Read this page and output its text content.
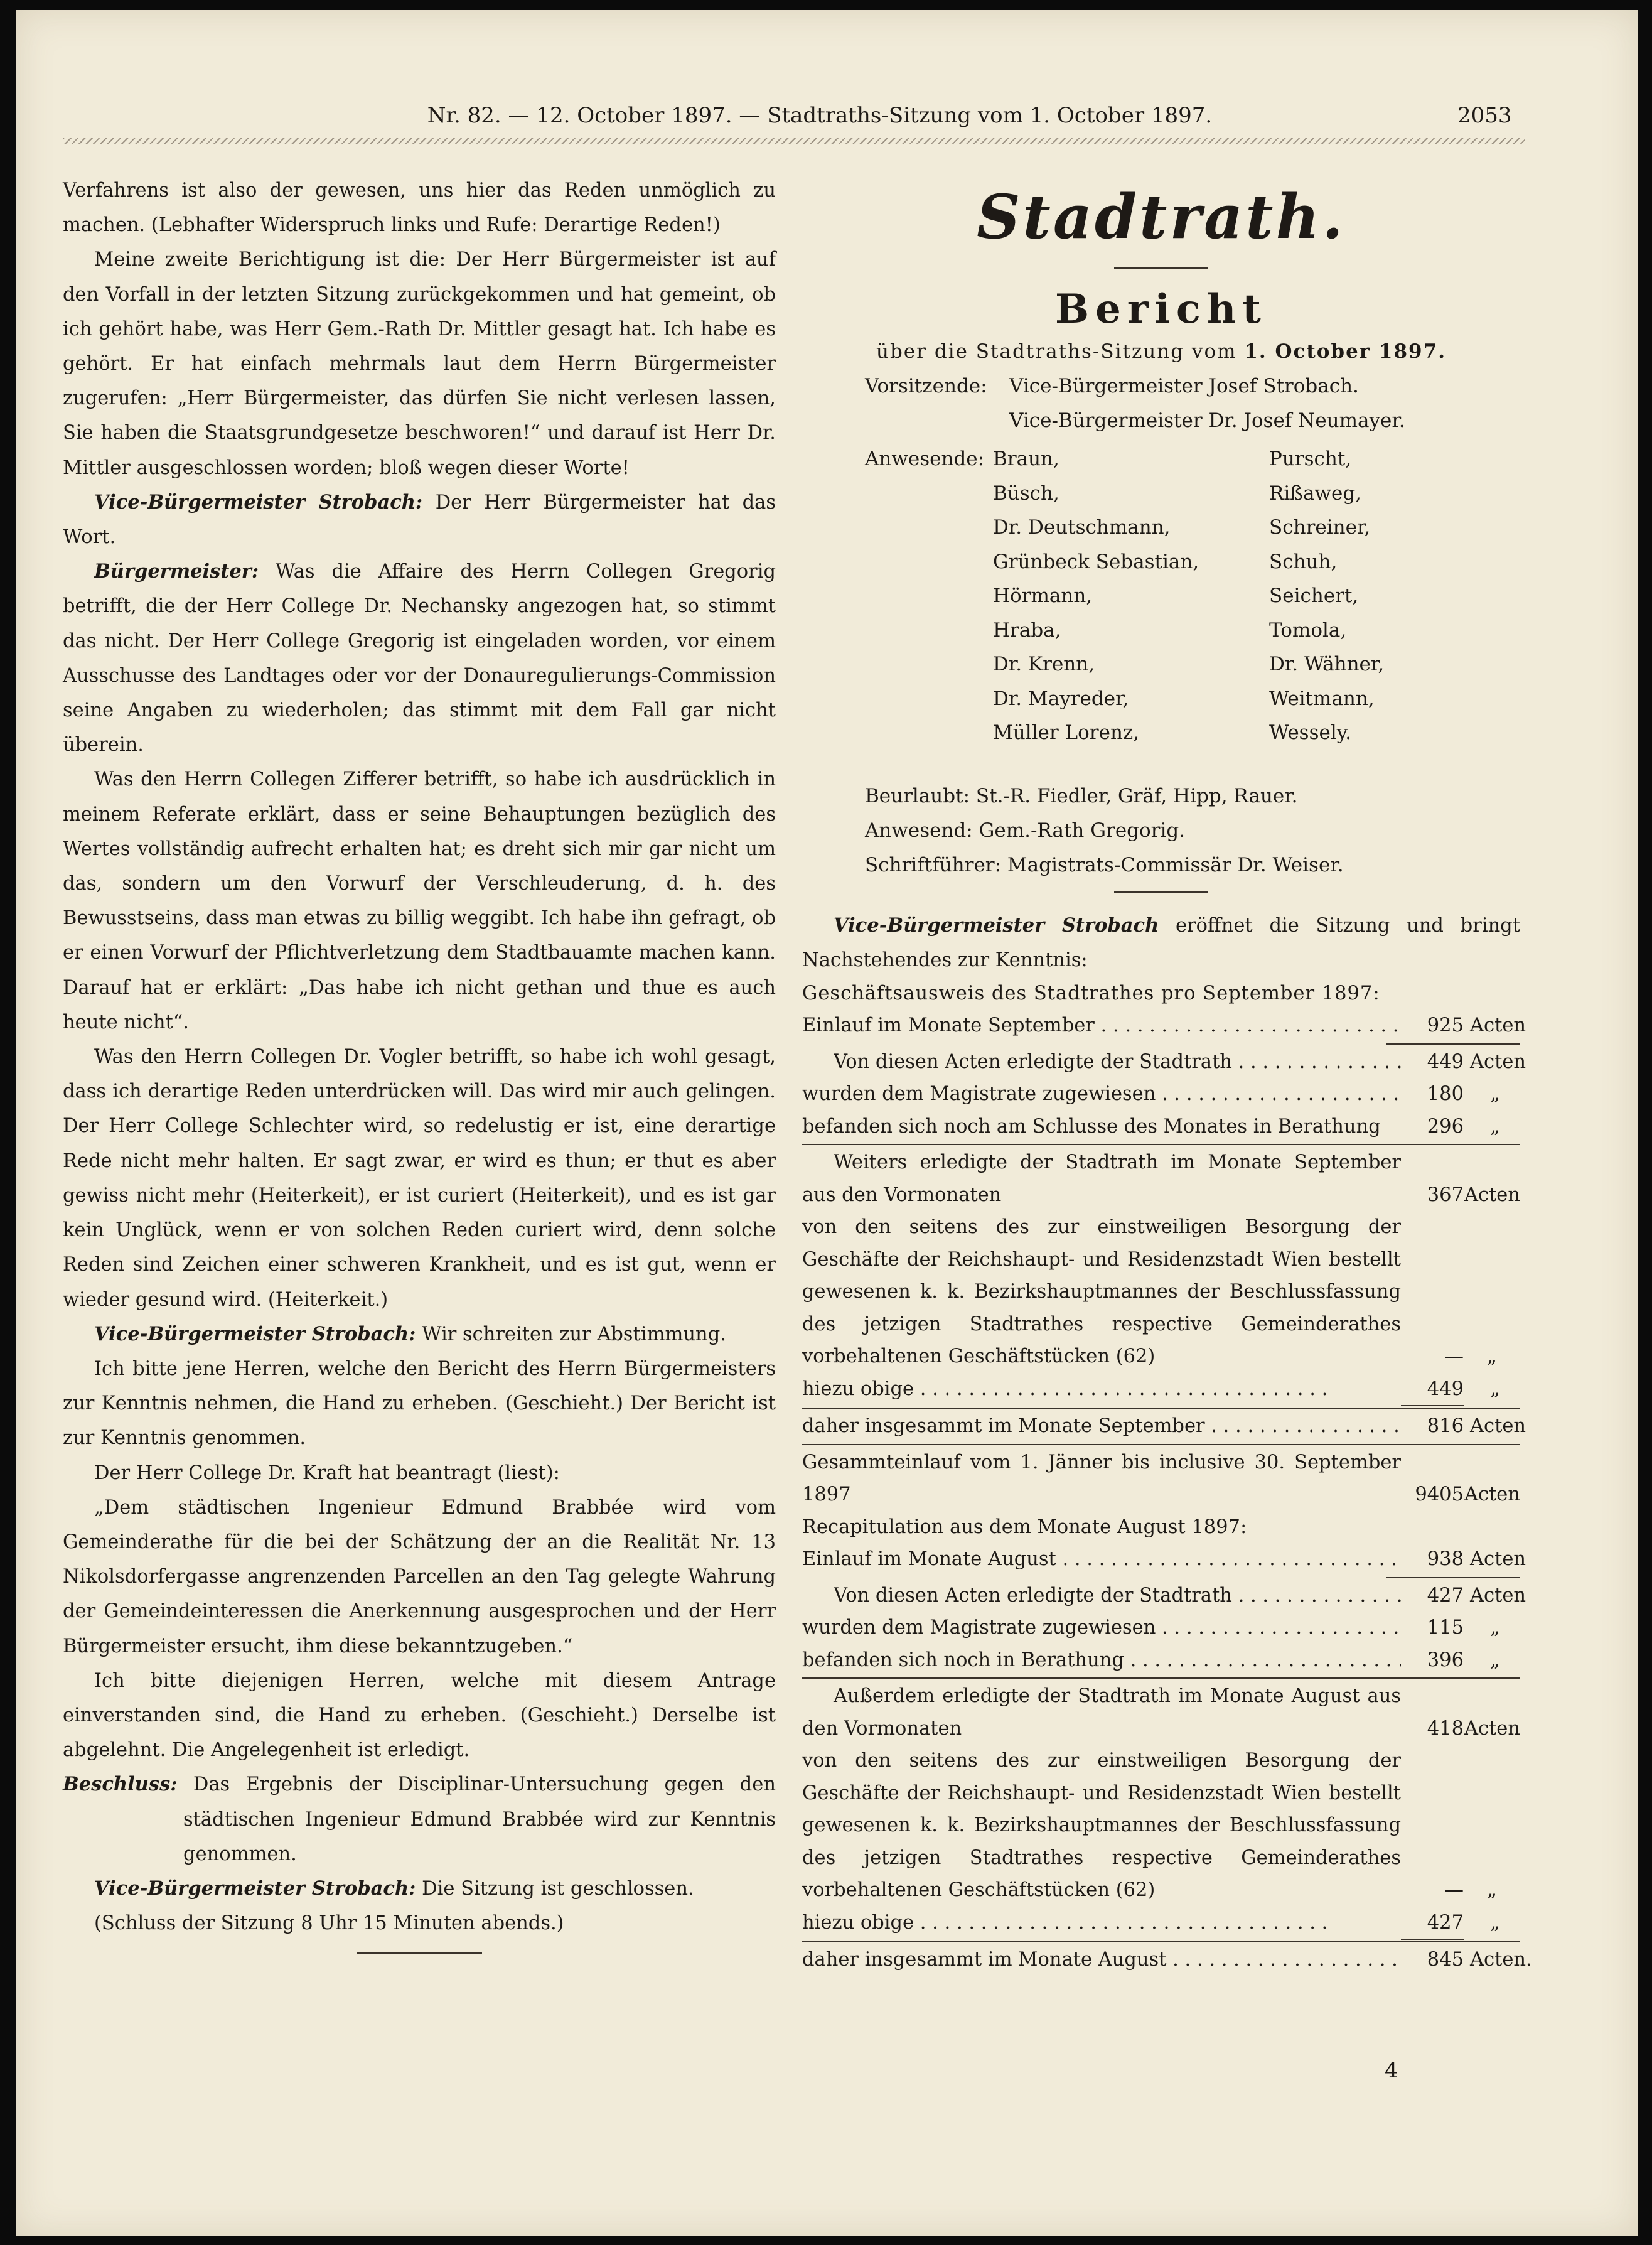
Nr. 82. — 12. October 1897. — Stadtraths-Sitzung vom 1. October 1897.	2053

Verfahrens ist also der gewesen, uns hier das Reden unmöglich zu machen. (Lebhafter Widerspruch links und Rufe: Derartige Reden!)

Meine zweite Berichtigung ist die: Der Herr Bürgermeister ist auf den Vorfall in der letzten Sitzung zurückgekommen und hat gemeint, ob ich gehört habe, was Herr Gem.-Rath Dr. Mittler gesagt hat. Ich habe es gehört. Er hat einfach mehrmals laut dem Herrn Bürgermeister zugerufen: „Herr Bürgermeister, das dürfen Sie nicht verlesen lassen, Sie haben die Staatsgrundgesetze beschworen!“ und darauf ist Herr Dr. Mittler ausgeschlossen worden; bloß wegen dieser Worte!

Vice-Bürgermeister Strobach: Der Herr Bürgermeister hat das Wort.

Bürgermeister: Was die Affaire des Herrn Collegen Gregorig betrifft, die der Herr College Dr. Nechansky angezogen hat, so stimmt das nicht. Der Herr College Gregorig ist eingeladen worden, vor einem Ausschusse des Landtages oder vor der Donauregulierungs-Commission seine Angaben zu wiederholen; das stimmt mit dem Fall gar nicht überein.

Was den Herrn Collegen Zifferer betrifft, so habe ich ausdrücklich in meinem Referate erklärt, dass er seine Behauptungen bezüglich des Wertes vollständig aufrecht erhalten hat; es dreht sich mir gar nicht um das, sondern um den Vorwurf der Verschleuderung, d. h. des Bewusstseins, dass man etwas zu billig weggibt. Ich habe ihn gefragt, ob er einen Vorwurf der Pflichtverletzung dem Stadtbauamte machen kann. Darauf hat er erklärt: „Das habe ich nicht gethan und thue es auch heute nicht“.

Was den Herrn Collegen Dr. Vogler betrifft, so habe ich wohl gesagt, dass ich derartige Reden unterdrücken will. Das wird mir auch gelingen. Der Herr College Schlechter wird, so redelustig er ist, eine derartige Rede nicht mehr halten. Er sagt zwar, er wird es thun; er thut es aber gewiss nicht mehr (Heiterkeit), er ist curiert (Heiterkeit), und es ist gar kein Unglück, wenn er von solchen Reden curiert wird, denn solche Reden sind Zeichen einer schweren Krankheit, und es ist gut, wenn er wieder gesund wird. (Heiterkeit.)

Vice-Bürgermeister Strobach: Wir schreiten zur Abstimmung.

Ich bitte jene Herren, welche den Bericht des Herrn Bürgermeisters zur Kenntnis nehmen, die Hand zu erheben. (Geschieht.) Der Bericht ist zur Kenntnis genommen.

Der Herr College Dr. Kraft hat beantragt (liest):

„Dem städtischen Ingenieur Edmund Brabbée wird vom Gemeinderathe für die bei der Schätzung der an die Realität Nr. 13 Nikolsdorfergasse angrenzenden Parcellen an den Tag gelegte Wahrung der Gemeindeinteressen die Anerkennung ausgesprochen und der Herr Bürgermeister ersucht, ihm diese bekanntzugeben.“

Ich bitte diejenigen Herren, welche mit diesem Antrage einverstanden sind, die Hand zu erheben. (Geschieht.) Derselbe ist abgelehnt. Die Angelegenheit ist erledigt.

Beschluss: Das Ergebnis der Disciplinar-Untersuchung gegen den städtischen Ingenieur Edmund Brabbée wird zur Kenntnis genommen.

Vice-Bürgermeister Strobach: Die Sitzung ist geschlossen.

(Schluss der Sitzung 8 Uhr 15 Minuten abends.)

Stadtrath.
Bericht

über die Stadtraths-Sitzung vom 1. October 1897.

Vorsitzende:	Vice-Bürgermeister Josef Strobach.
Vice-Bürgermeister Dr. Josef Neumayer.
Anwesende: Braun,	Purscht,
Büsch,	Rißaweg,
Dr. Deutschmann,	Schreiner,
Grünbeck Sebastian,	Schuh,
Hörmann,	Seichert,
Hraba,	Tomola,
Dr. Krenn,	Dr. Wähner,
Dr. Mayreder,	Weitmann,
Müller Lorenz,	Wessely.

Beurlaubt: St.-R. Fiedler, Gräf, Hipp, Rauer.

Anwesend: Gem.-Rath Gregorig.

Schriftführer: Magistrats-Commissär Dr. Weiser.

Vice-Bürgermeister Strobach eröffnet die Sitzung und bringt Nachstehendes zur Kenntnis:

Geschäftsausweis des Stadtrathes pro September 1897:

Einlauf im Monate September . . .	925 Acten
Von diesen Acten erledigte der Stadtrath . . .	449 Acten
wurden dem Magistrate zugewiesen . . .	180	„
befanden sich noch am Schlusse des Monates in Berathung	296	„

Weiters erledigte der Stadtrath im Monate September aus den Vormonaten	367 Acten

von den seitens des zur einstweiligen Besorgung der Geschäfte der Reichshaupt- und Residenzstadt Wien bestellt gewesenen k. k. Bezirkshauptmannes der Beschlussfassung des jetzigen Stadtrathes respective Gemeinderathes vorbehaltenen Geschäftstücken (62)	—	„
hiezu obige . . .	449	„
daher insgesammt im Monate September . . .	816 Acten

Gesammteinlauf vom 1. Jänner bis inclusive 30. September 1897	9405 Acten

Recapitulation aus dem Monate August 1897:

Einlauf im Monate August . . .	938 Acten
Von diesen Acten erledigte der Stadtrath . . .	427 Acten
wurden dem Magistrate zugewiesen . . .	115	„
befanden sich noch in Berathung . . .	396	„

Außerdem erledigte der Stadtrath im Monate August aus den Vormonaten	418 Acten

von den seitens des zur einstweiligen Besorgung der Geschäfte der Reichshaupt- und Residenzstadt Wien bestellt gewesenen k. k. Bezirkshauptmannes der Beschlussfassung des jetzigen Stadtrathes respective Gemeinderathes vorbehaltenen Geschäftstücken (62)	—	„
hiezu obige . . .	427	„
daher insgesammt im Monate August . . .	845 Acten.
4
